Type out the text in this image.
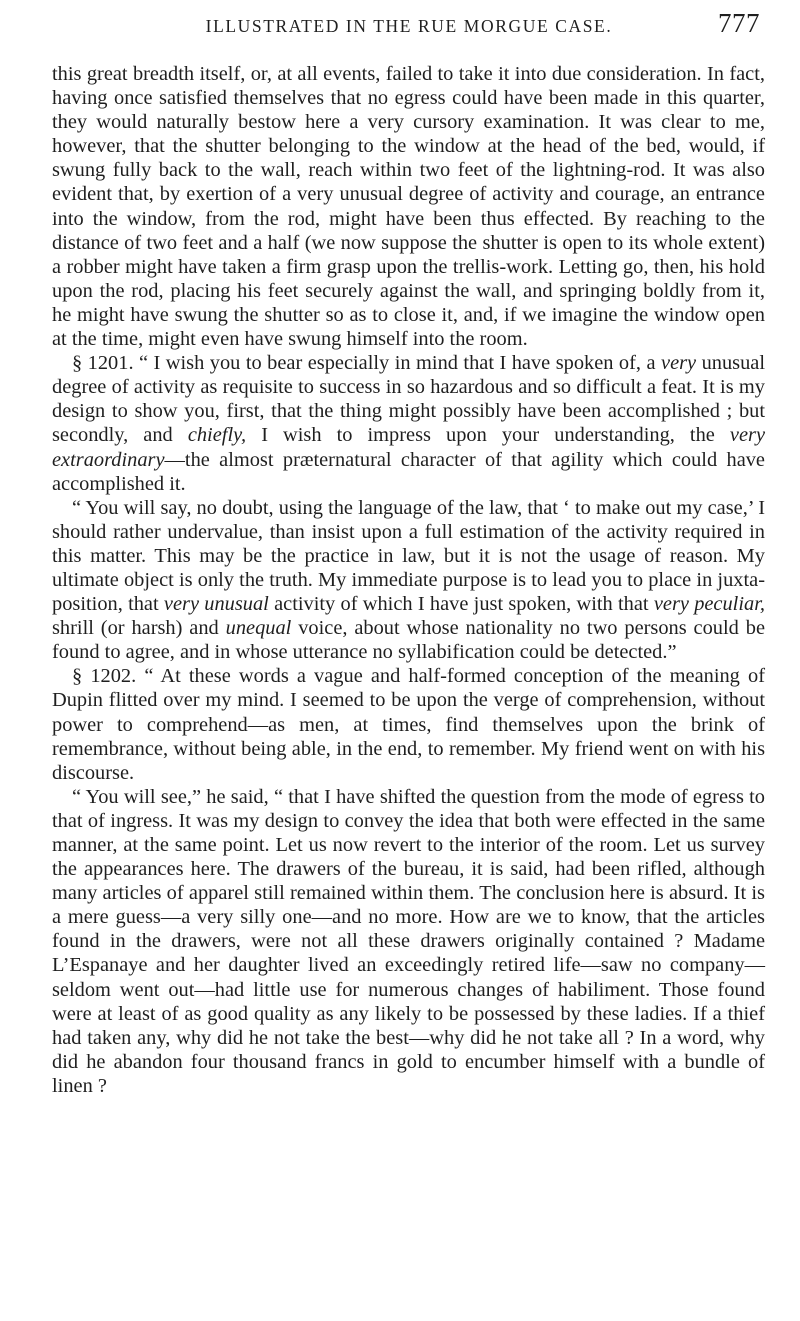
ILLUSTRATED IN THE RUE MORGUE CASE.	777

this great breadth itself, or, at all events, failed to take it into due consideration. In fact, having once satisfied themselves that no egress could have been made in this quarter, they would naturally bestow here a very cursory examination. It was clear to me, however, that the shutter belonging to the window at the head of the bed, would, if swung fully back to the wall, reach within two feet of the lightning-rod. It was also evident that, by exertion of a very unusual degree of activity and courage, an entrance into the window, from the rod, might have been thus effected. By reaching to the distance of two feet and a half (we now suppose the shutter is open to its whole extent) a robber might have taken a firm grasp upon the trellis-work. Letting go, then, his hold upon the rod, placing his feet securely against the wall, and springing boldly from it, he might have swung the shutter so as to close it, and, if we imagine the window open at the time, might even have swung himself into the room.

§ 1201. “ I wish you to bear especially in mind that I have spoken of, a very unusual degree of activity as requisite to success in so hazardous and so difficult a feat. It is my design to show you, first, that the thing might possibly have been accomplished ; but secondly, and chiefly, I wish to impress upon your understanding, the very extraordinary—the almost præternatural character of that agility which could have accomplished it.

“ You will say, no doubt, using the language of the law, that ‘ to make out my case,’ I should rather undervalue, than insist upon a full estimation of the activity required in this matter. This may be the practice in law, but it is not the usage of reason. My ultimate object is only the truth. My immediate purpose is to lead you to place in juxta-position, that very unusual activity of which I have just spoken, with that very peculiar, shrill (or harsh) and unequal voice, about whose nationality no two persons could be found to agree, and in whose utterance no syllabification could be detected.”

§ 1202. “ At these words a vague and half-formed conception of the meaning of Dupin flitted over my mind. I seemed to be upon the verge of comprehension, without power to comprehend—as men, at times, find themselves upon the brink of remembrance, without being able, in the end, to remember. My friend went on with his discourse.

“ You will see,” he said, “ that I have shifted the question from the mode of egress to that of ingress. It was my design to convey the idea that both were effected in the same manner, at the same point. Let us now revert to the interior of the room. Let us survey the appearances here. The drawers of the bureau, it is said, had been rifled, although many articles of apparel still remained within them. The conclusion here is absurd. It is a mere guess—a very silly one—and no more. How are we to know, that the articles found in the drawers, were not all these drawers originally contained ? Madame L’Espanaye and her daughter lived an exceedingly retired life—saw no company—seldom went out—had little use for numerous changes of habiliment. Those found were at least of as good quality as any likely to be possessed by these ladies. If a thief had taken any, why did he not take the best—why did he not take all ? In a word, why did he abandon four thousand francs in gold to encumber himself with a bundle of linen ?
